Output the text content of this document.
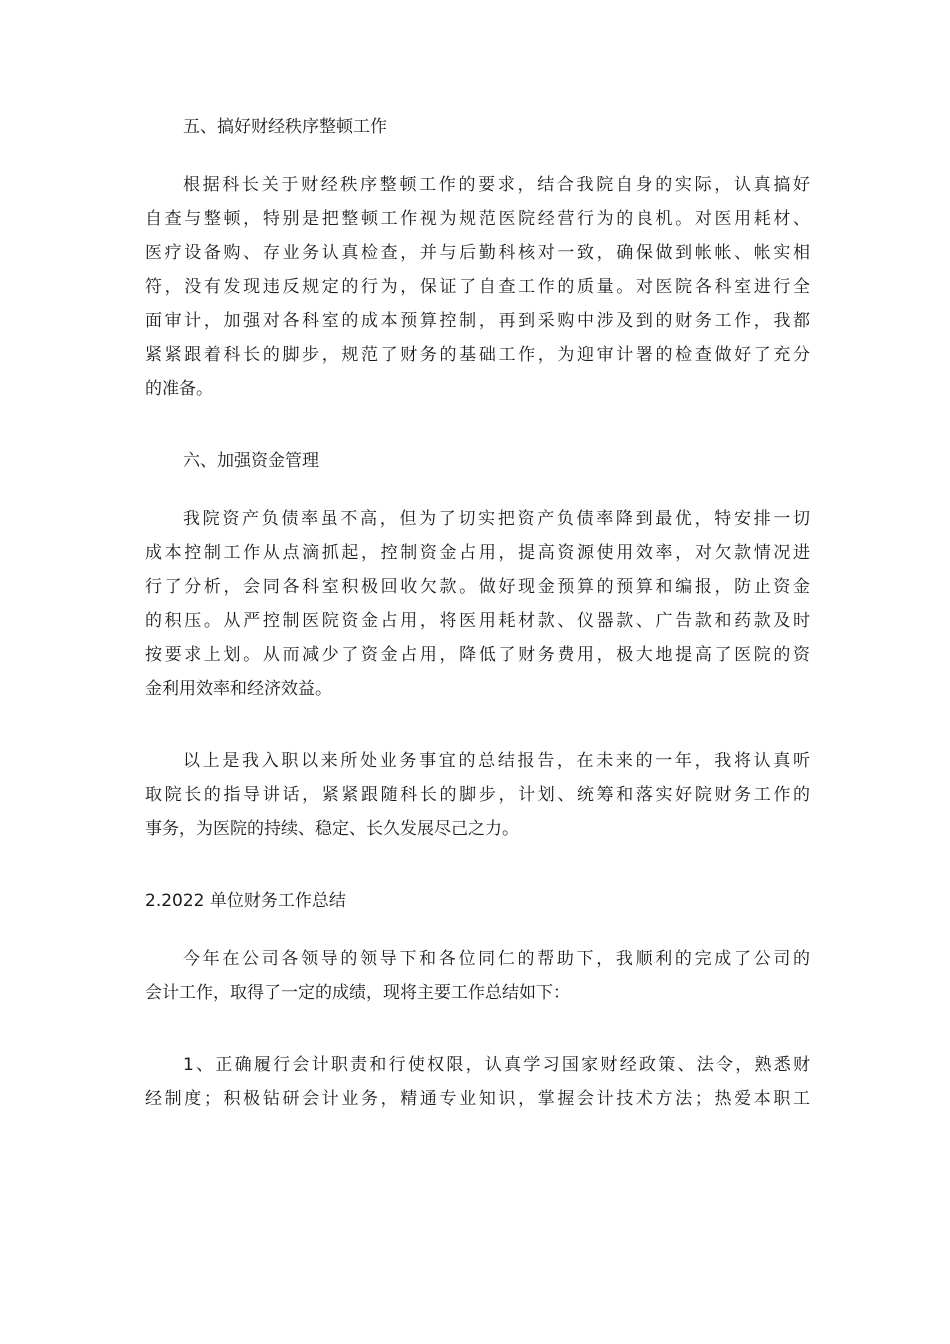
五、搞好财经秩序整顿工作
根据科长关于财经秩序整顿工作的要求，结合我院自身的实际，认真搞好
自查与整顿，特别是把整顿工作视为规范医院经营行为的良机。对医用耗材、
医疗设备购、存业务认真检查，并与后勤科核对一致，确保做到帐帐、帐实相
符，没有发现违反规定的行为，保证了自查工作的质量。对医院各科室进行全
面审计，加强对各科室的成本预算控制，再到采购中涉及到的财务工作，我都
紧紧跟着科长的脚步，规范了财务的基础工作，为迎审计署的检查做好了充分
的准备。
六、加强资金管理
我院资产负债率虽不高，但为了切实把资产负债率降到最优，特安排一切
成本控制工作从点滴抓起，控制资金占用，提高资源使用效率，对欠款情况进
行了分析，会同各科室积极回收欠款。做好现金预算的预算和编报，防止资金
的积压。从严控制医院资金占用，将医用耗材款、仪器款、广告款和药款及时
按要求上划。从而减少了资金占用，降低了财务费用，极大地提高了医院的资
金利用效率和经济效益。
以上是我入职以来所处业务事宜的总结报告，在未来的一年，我将认真听
取院长的指导讲话，紧紧跟随科长的脚步，计划、统筹和落实好院财务工作的
事务，为医院的持续、稳定、长久发展尽己之力。
2.2022 单位财务工作总结
今年在公司各领导的领导下和各位同仁的帮助下，我顺利的完成了公司的
会计工作，取得了一定的成绩，现将主要工作总结如下：
1、正确履行会计职责和行使权限，认真学习国家财经政策、法令，熟悉财
经制度；积极钻研会计业务，精通专业知识，掌握会计技术方法；热爱本职工
